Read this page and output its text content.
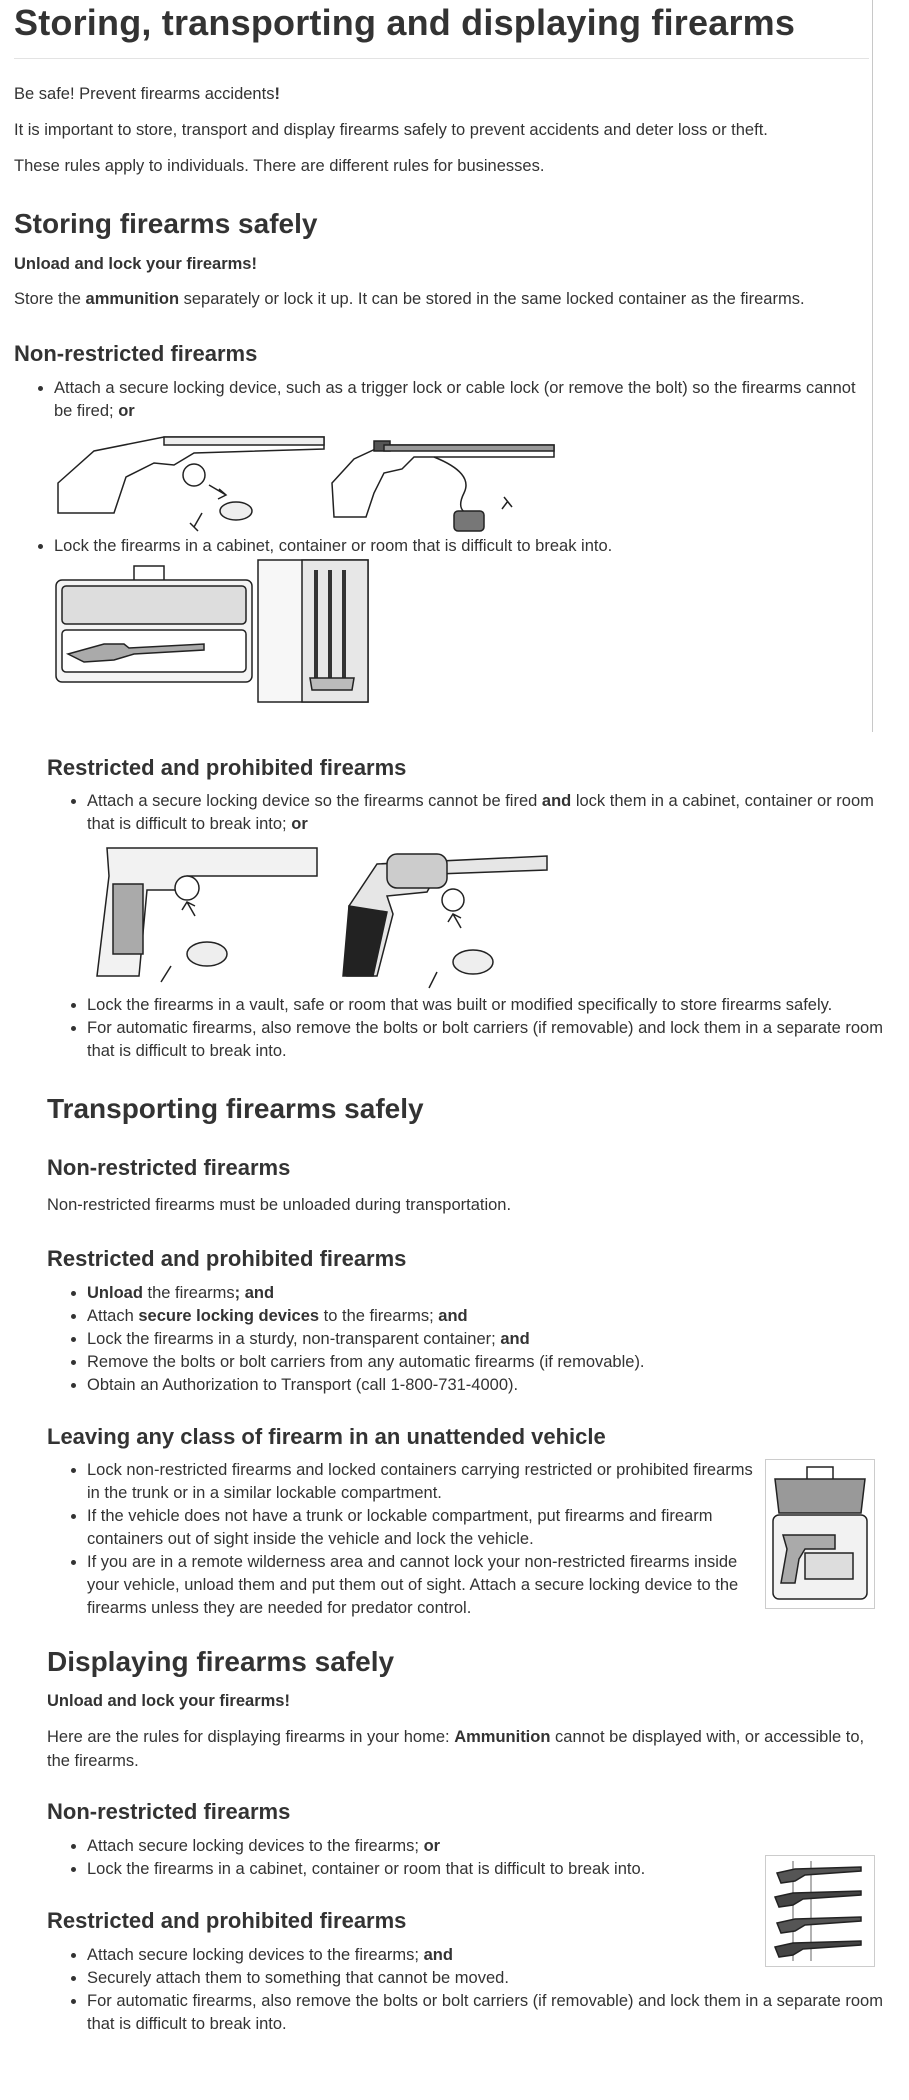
Storing, transporting and displaying firearms

Be safe! Prevent firearms accidents!

It is important to store, transport and display firearms safely to prevent accidents and deter loss or theft.

These rules apply to individuals. There are different rules for businesses.

Storing firearms safely

Unload and lock your firearms!

Store the ammunition separately or lock it up. It can be stored in the same locked container as the firearms.

Non-restricted firearms
• Attach a secure locking device, such as a trigger lock or cable lock (or remove the bolt) so the firearms cannot be fired; or
• Lock the firearms in a cabinet, container or room that is difficult to break into.
Restricted and prohibited firearms
• Attach a secure locking device so the firearms cannot be fired and lock them in a cabinet, container or room that is difficult to break into; or
• Lock the firearms in a vault, safe or room that was built or modified specifically to store firearms safely.
• For automatic firearms, also remove the bolts or bolt carriers (if removable) and lock them in a separate room that is difficult to break into.
Transporting firearms safely
Non-restricted firearms

Non-restricted firearms must be unloaded during transportation.

Restricted and prohibited firearms
• Unload the firearms; and
• Attach secure locking devices to the firearms; and
• Lock the firearms in a sturdy, non-transparent container; and
• Remove the bolts or bolt carriers from any automatic firearms (if removable).
• Obtain an Authorization to Transport (call 1-800-731-4000).
Leaving any class of firearm in an unattended vehicle
• Lock non-restricted firearms and locked containers carrying restricted or prohibited firearms in the trunk or in a similar lockable compartment.
• If the vehicle does not have a trunk or lockable compartment, put firearms and firearm containers out of sight inside the vehicle and lock the vehicle.
• If you are in a remote wilderness area and cannot lock your non-restricted firearms inside your vehicle, unload them and put them out of sight. Attach a secure locking device to the firearms unless they are needed for predator control.
Displaying firearms safely

Unload and lock your firearms!

Here are the rules for displaying firearms in your home: Ammunition cannot be displayed with, or accessible to, the firearms.

Non-restricted firearms
• Attach secure locking devices to the firearms; or
• Lock the firearms in a cabinet, container or room that is difficult to break into.
Restricted and prohibited firearms
• Attach secure locking devices to the firearms; and
• Securely attach them to something that cannot be moved.
• For automatic firearms, also remove the bolts or bolt carriers (if removable) and lock them in a separate room that is difficult to break into.
